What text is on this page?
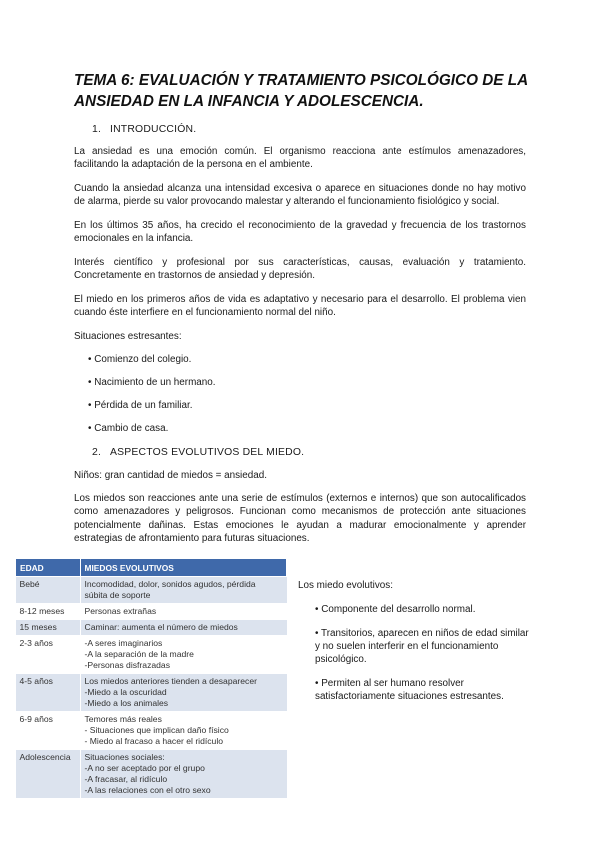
TEMA 6: EVALUACIÓN Y TRATAMIENTO PSICOLÓGICO DE LA ANSIEDAD EN LA INFANCIA Y ADOLESCENCIA.
1. INTRODUCCIÓN.
La ansiedad es una emoción común. El organismo reacciona ante estímulos amenazadores, facilitando la adaptación de la persona en el ambiente.
Cuando la ansiedad alcanza una intensidad excesiva o aparece en situaciones donde no hay motivo de alarma, pierde su valor provocando malestar y alterando el funcionamiento fisiológico y social.
En los últimos 35 años, ha crecido el reconocimiento de la gravedad y frecuencia de los trastornos emocionales en la infancia.
Interés científico y profesional por sus características, causas, evaluación y tratamiento. Concretamente en trastornos de ansiedad y depresión.
El miedo en los primeros años de vida es adaptativo y necesario para el desarrollo. El problema vien cuando éste interfiere en el funcionamiento normal del niño.
Situaciones estresantes:
• Comienzo del colegio.
• Nacimiento de un hermano.
• Pérdida de un familiar.
• Cambio de casa.
2. ASPECTOS EVOLUTIVOS DEL MIEDO.
Niños: gran cantidad de miedos = ansiedad.
Los miedos son reacciones ante una serie de estímulos (externos e internos) que son autocalificados como amenazadores y peligrosos. Funcionan como mecanismos de protección ante situaciones potencialmente dañinas. Estas emociones le ayudan a madurar emocionalmente y aprender estrategias de afrontamiento para futuras situaciones.
EDAD	MIEDOS EVOLUTIVOS
Bebé	Incomodidad, dolor, sonidos agudos, pérdida
súbita de soporte

8-12 meses	Personas extrañas

15 meses	Caminar: aumenta el número de miedos

2-3 años	-A seres imaginarios
-A la separación de la madre
-Personas disfrazadas

4-5 años	Los miedos anteriores tienden a desaparecer
-Miedo a la oscuridad
-Miedo a los animales

6-9 años	Temores más reales
- Situaciones que implican daño físico
- Miedo al fracaso a hacer el ridículo

Adolescencia	Situaciones sociales:
-A no ser aceptado por el grupo
-A fracasar, al ridículo
-A las relaciones con el otro sexo
Los miedo evolutivos:
• Componente del desarrollo normal.
• Transitorios, aparecen en niños de edad similar y no suelen interferir en el funcionamiento psicológico.
• Permiten al ser humano resolver satisfactoriamente situaciones estresantes.
